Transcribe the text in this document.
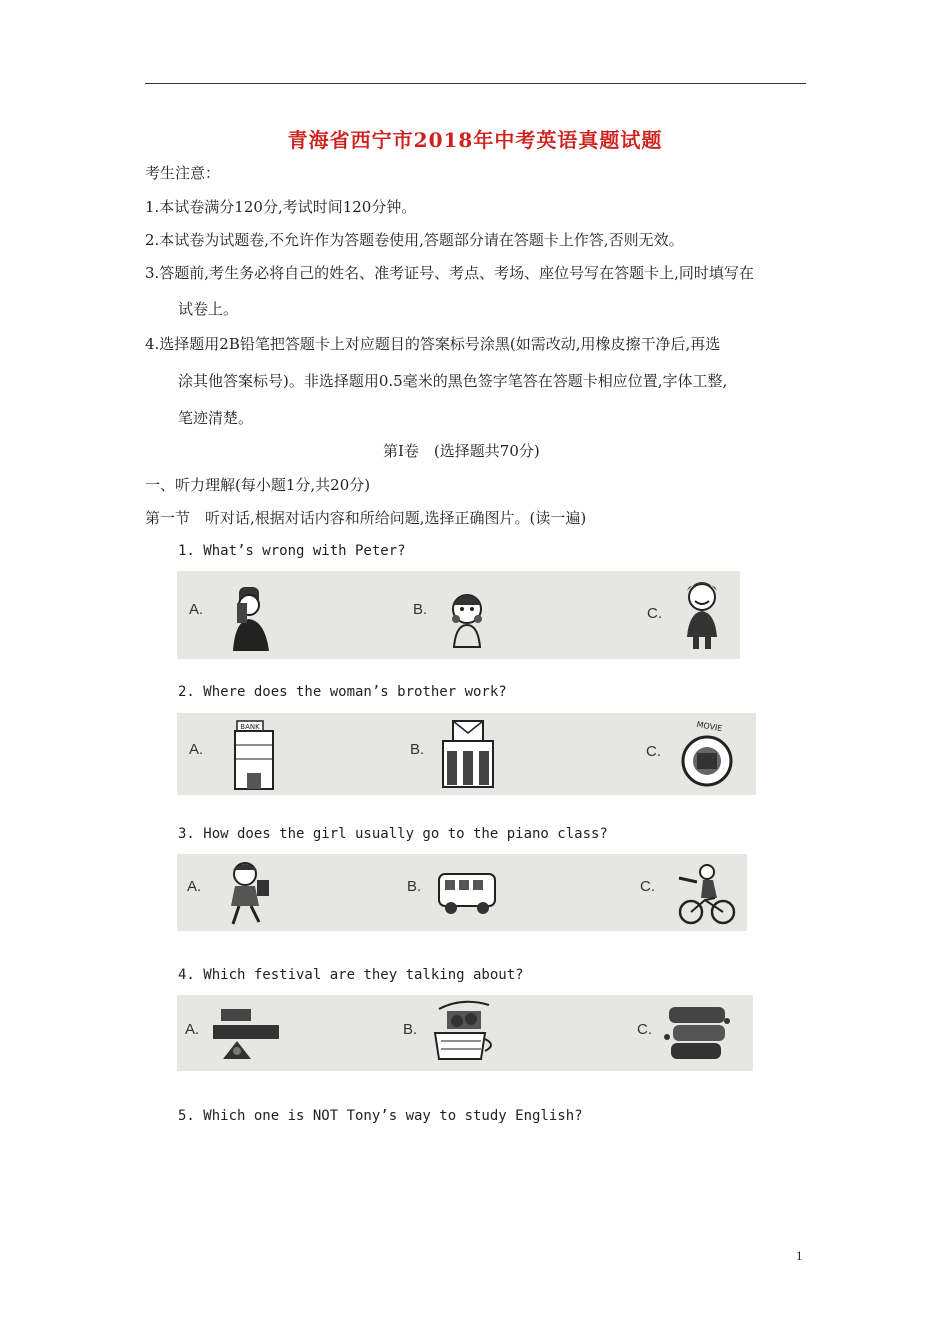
青海省西宁市2018年中考英语真题试题
考生注意：
1.本试卷满分120分,考试时间120分钟。
2.本试卷为试题卷,不允许作为答题卷使用,答题部分请在答题卡上作答,否则无效。
3.答题前,考生务必将自己的姓名、准考证号、考点、考场、座位号写在答题卡上,同时填写在
试卷上。
4.选择题用2B铅笔把答题卡上对应题目的答案标号涂黑(如需改动,用橡皮擦干净后,再选
涂其他答案标号)。非选择题用0.5毫米的黑色签字笔答在答题卡相应位置,字体工整,
笔迹清楚。
第Ⅰ卷　(选择题共70分)
一、听力理解(每小题1分,共20分)
第一节　听对话,根据对话内容和所给问题,选择正确图片。(读一遍)
1. What’s wrong with Peter?
A.	B.	C.
2. Where does the woman’s brother work?
A.
BANK
B.	C.
MOVIE
3. How does the girl usually go to the piano class?
A.	B.	C.
4. Which festival are they talking about?
A.	B.	C.
5. Which one is NOT Tony’s way to study English?
1
